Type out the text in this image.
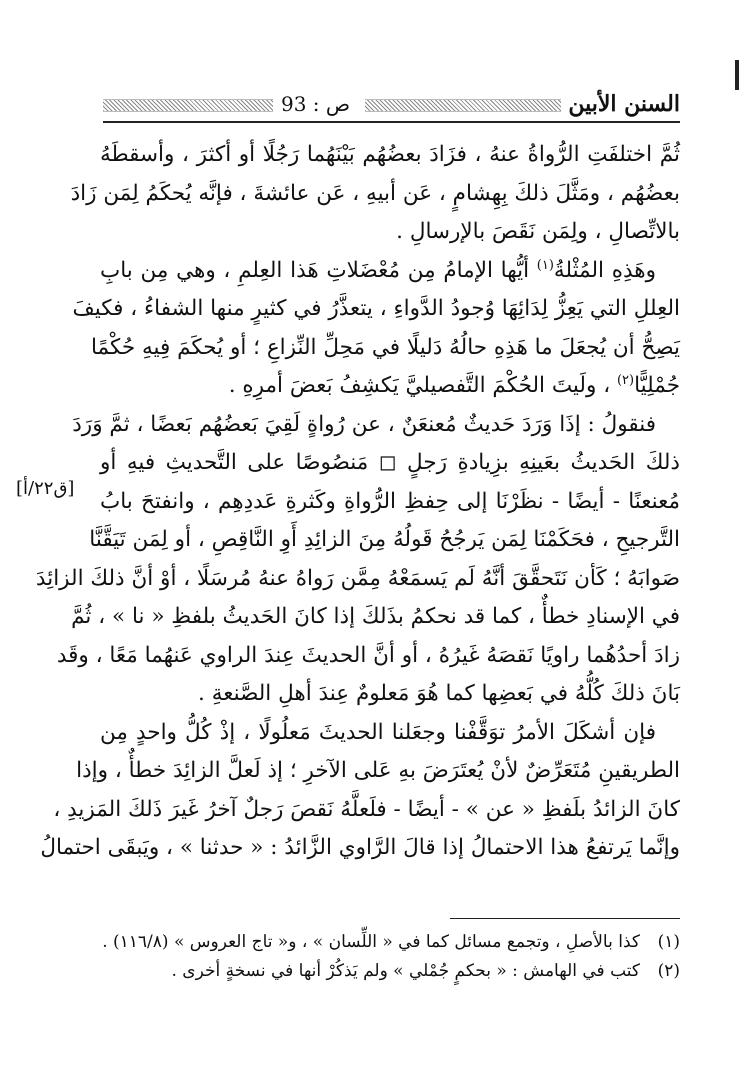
ص : 93	السنن الأبين
[ق۲۲/أ]
ثُمَّ اختلفَتِ الرُّواةُ عنهُ ، فزَادَ بعضُهُم بَيْنَهُما رَجُلًا أو أكثرَ ، وأسقطَهُ
بعضُهُم ، ومَثَّلَ ذلكَ بِهِشامٍ ، عَن أبيهِ ، عَن عائشةَ ، فإنَّه يُحكَمُ لِمَن زَادَ
بالاتِّصالِ ، ولِمَن نَقَصَ بالإرسالِ .
وهَذِهِ المُثْلةُ$^{(١)}$ أيُّها الإمامُ مِن مُعْضَلاتِ هَذا العِلمِ ، وهي مِن بابِ
العِللِ التي يَعِزُّ لِدَائِهَا وُجودُ الدَّواءِ ، يتعذَّرُ في كثيرٍ منها الشفاءُ ، فكيفَ
يَصِحُّ أن يُجعَلَ ما هَذِهِ حالُهُ دَليلًا في مَحِلِّ النِّزاعِ ؛ أو يُحكَمَ فِيهِ حُكْمًا
جُمْلِيًّا$^{(٢)}$ ، ولَيتَ الحُكْمَ التَّفصيليَّ يَكشِفُ بَعضَ أمرِهِ .
فنقولُ : إذَا وَرَدَ حَديثٌ مُعنعَنٌ ، عن رُواةٍ لَقِيَ بَعضُهُم بَعضًا ، ثمَّ وَرَدَ
ذلكَ الحَديثُ بعَينِهِ بزِيادةِ رَجلٍ ◻ مَنصُوصًا على التَّحديثِ فيهِ أو
مُعنعنًا - أيضًا - نظَرْنَا إلى حِفظِ الرُّواةِ وكَثرةِ عَددِهِم ، وانفتحَ بابُ
التَّرجيحِ ، فحَكَمْنَا لِمَن يَرجُحُ قَولُهُ مِنَ الزائِدِ أَوِ النَّاقِصِ ، أو لِمَن تَيَقَّنَّا
صَوابَهُ ؛ كَأن نَتَحقَّقَ أنَّهُ لَم يَسمَعْهُ مِمَّن رَواهُ عنهُ مُرسَلًا ، أوْ أنَّ ذلكَ الزائِدَ
في الإسنادِ خطأٌ ، كما قد نحكمُ بذَلكَ إذا كانَ الحَديثُ بلفظِ « نا » ، ثُمَّ
زادَ أحدُهُما راويًا نَقصَهُ غَيرُهُ ، أو أنَّ الحديثَ عِندَ الراوي عَنهُما مَعًا ، وقَد
بَانَ ذلكَ كُلُّهُ في بَعضِها كما هُوَ مَعلومٌ عِندَ أهلِ الصَّنعةِ .
فإن أشكَلَ الأمرُ توَقَّفْنا وجعَلنا الحديثَ مَعلُولًا ، إذْ كُلُّ واحدٍ مِن
الطريقينِ مُتَعَرِّضٌ لأنْ يُعتَرَضَ بهِ عَلى الآخرِ ؛ إذ لَعلَّ الزائِدَ خطأٌ ، وإذا
كانَ الزائدُ بلَفظِ « عن » - أيضًا - فلَعلَّهُ نَقصَ رَجلٌ آخرُ غَيرَ ذَلكَ المَزيدِ ،
وإنَّما يَرتفعُ هذا الاحتمالُ إذا قالَ الرَّاوي الزَّائدُ : « حدثنا » ، ويَبقَى احتمالُ
(١)كذا بالأصلِ ، وتجمع مسائل كما في « اللِّسان » ، و« تاج العروس » (١١٦/٨) .
(٢)كتب في الهامش : « بحكمٍ جُمْلي » ولم يَذكُرْ أنها في نسخةٍ أخرى .
